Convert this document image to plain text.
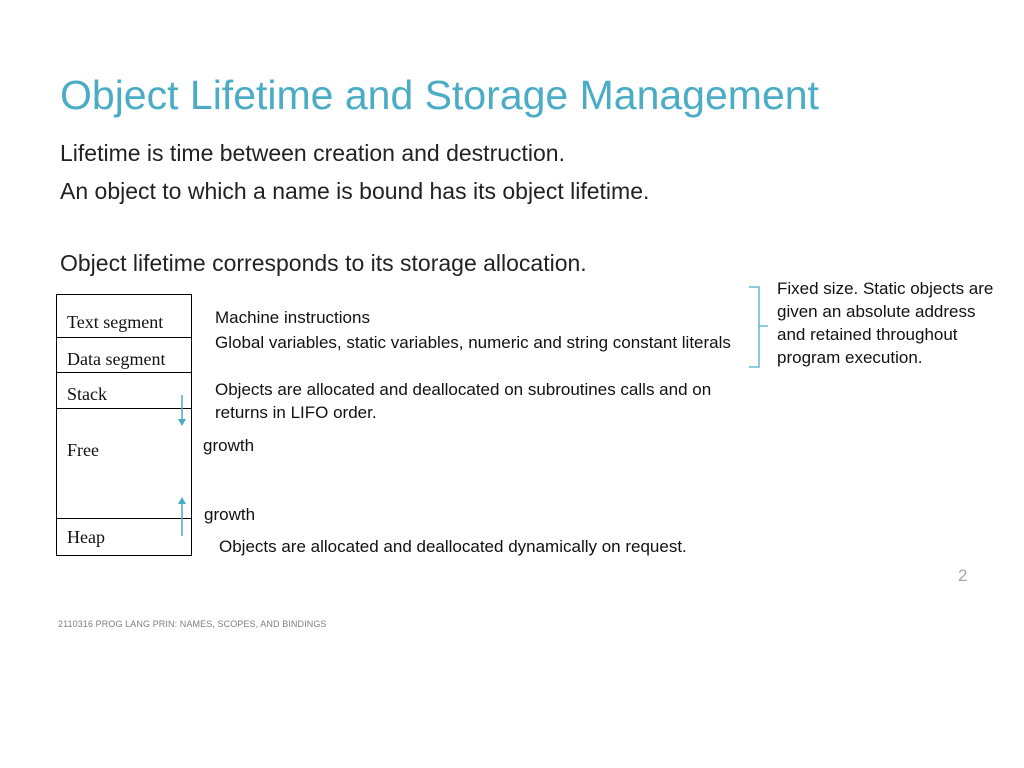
Object Lifetime and Storage Management
Lifetime is time between creation and destruction.
An object to which a name is bound has its object lifetime.
Object lifetime corresponds to its storage allocation.
Text segment
Data segment
Stack
Free
Heap
Machine instructions
Global variables, static variables, numeric and string constant literals
Objects are allocated and deallocated on subroutines calls and on returns in LIFO order.
growth
growth
Objects are allocated and deallocated dynamically on request.
Fixed size. Static objects are given an absolute address and retained throughout program execution.
2
2110316 PROG LANG PRIN: NAMES, SCOPES, AND BINDINGS
